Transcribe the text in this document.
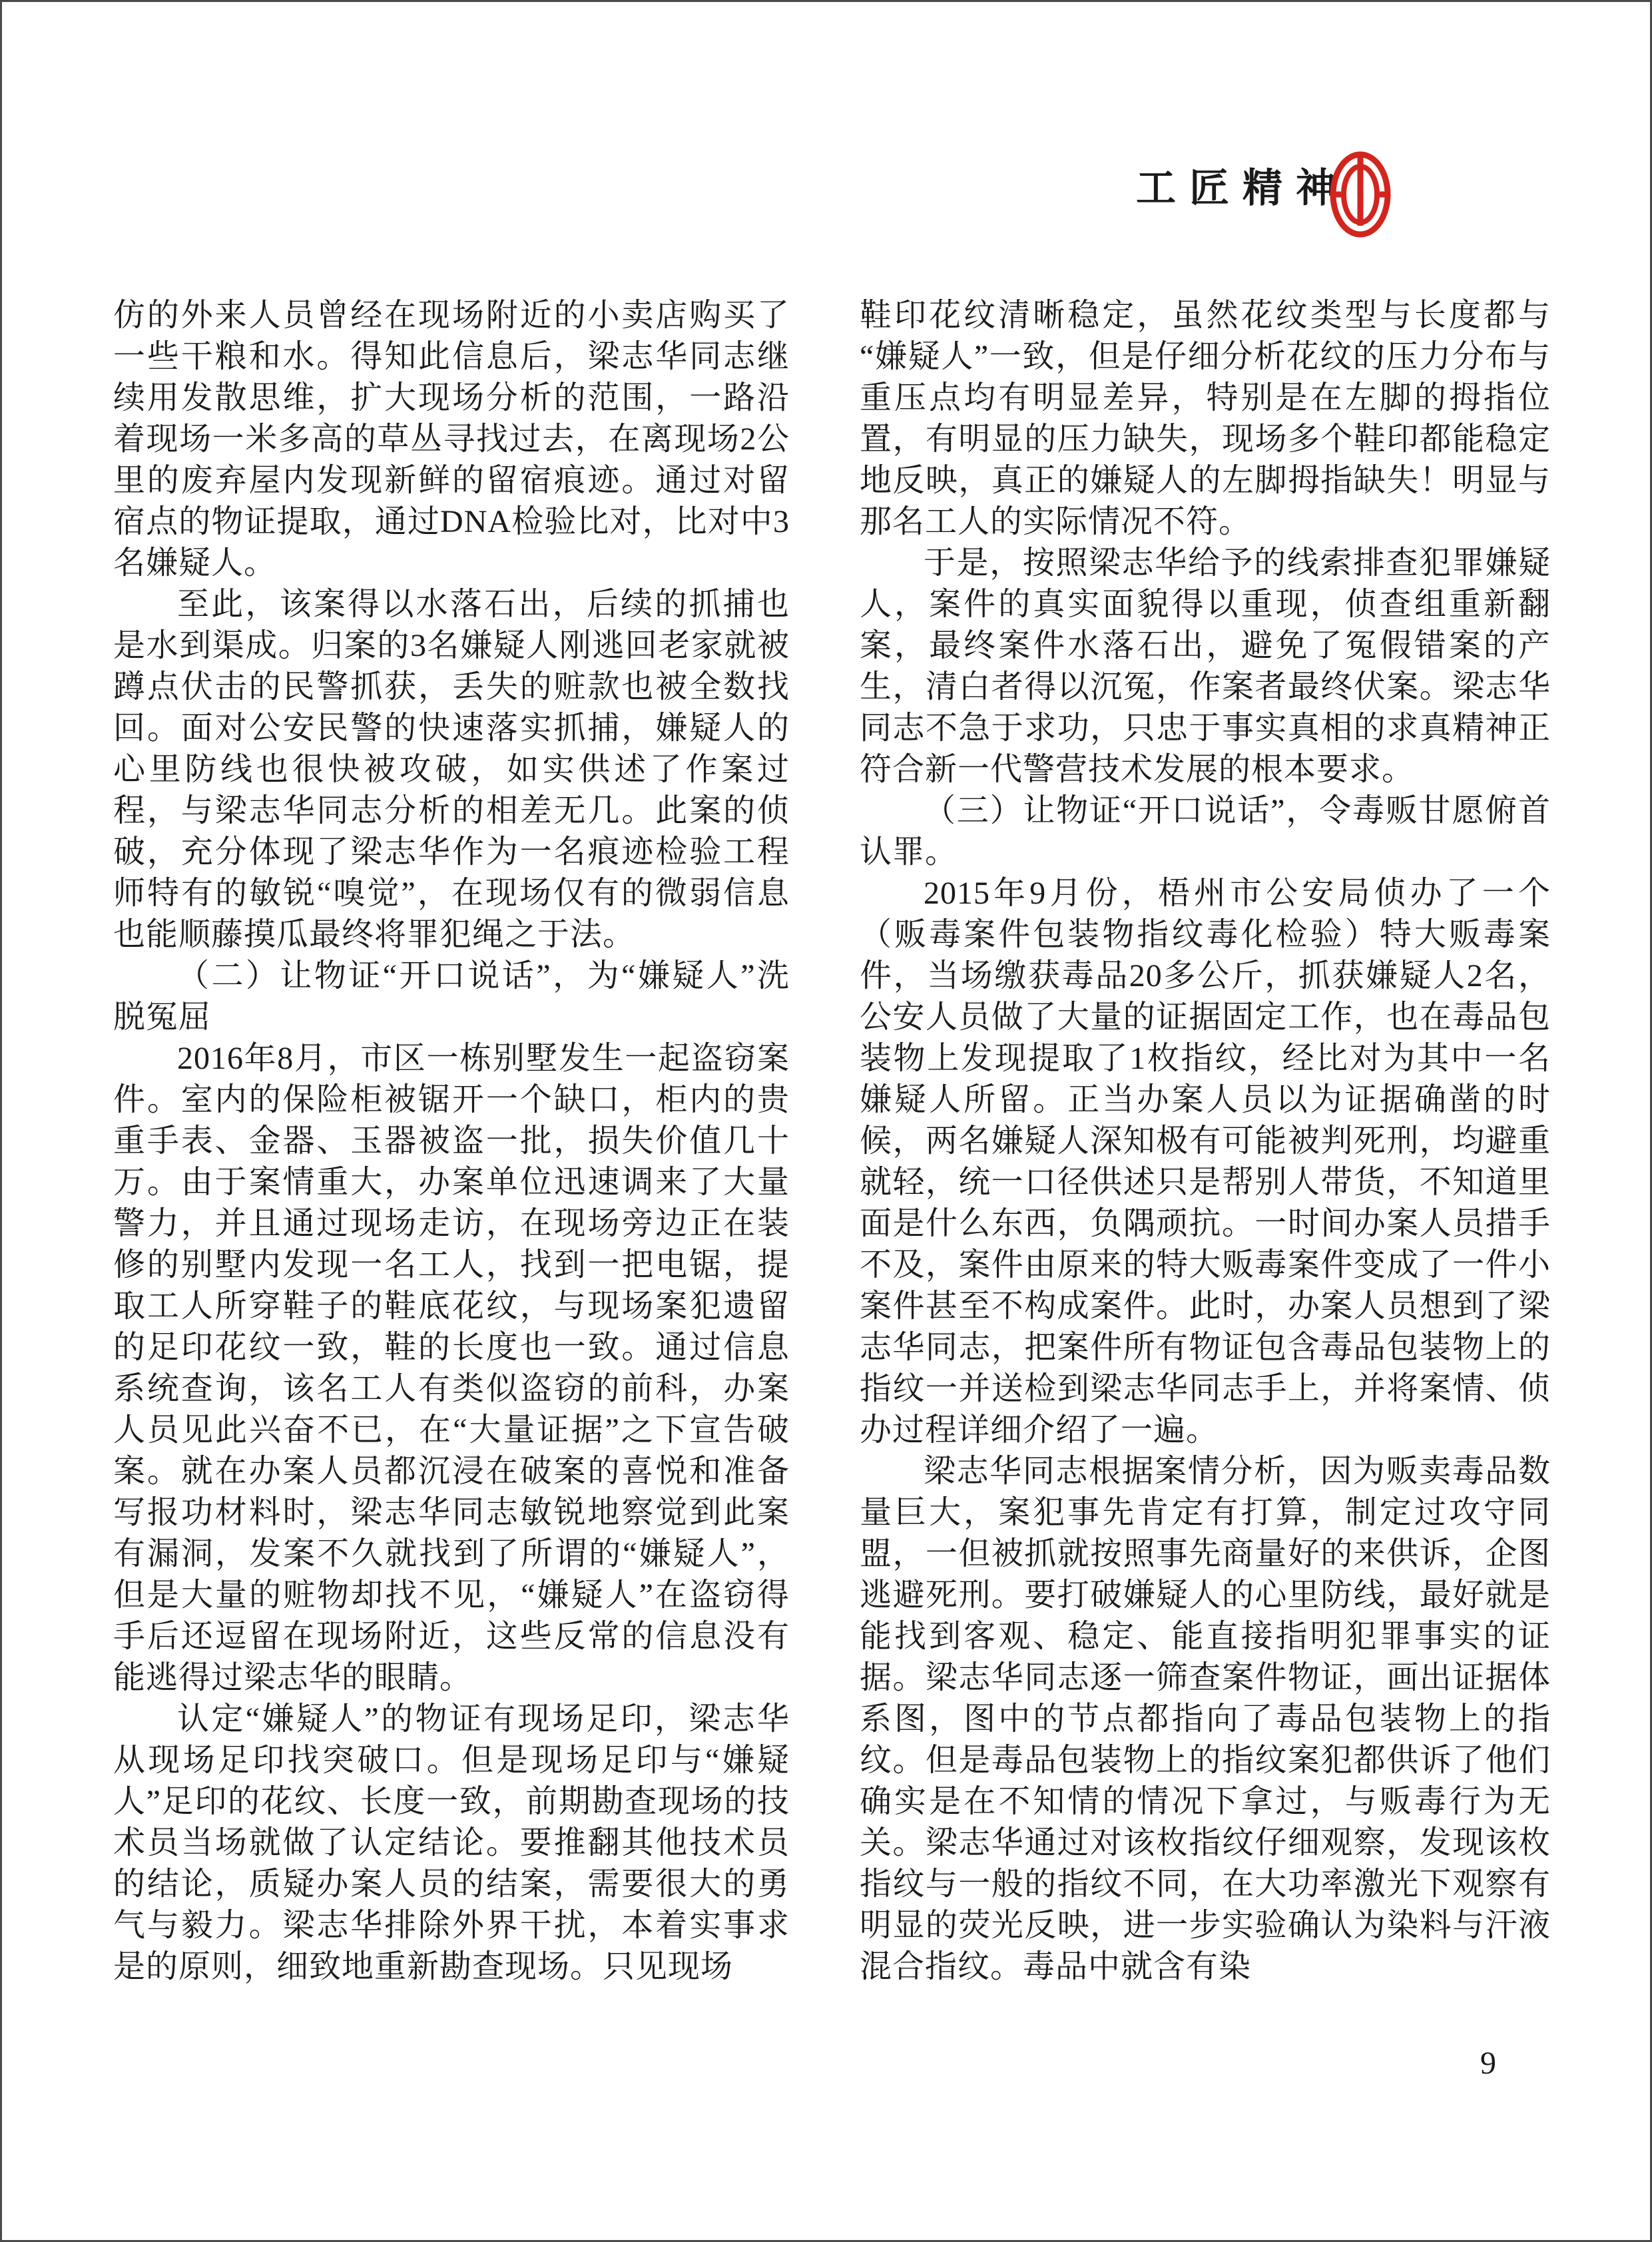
工匠精神

仿的外来人员曾经在现场附近的小卖店购买了一些干粮和水。得知此信息后，梁志华同志继续用发散思维，扩大现场分析的范围，一路沿着现场一米多高的草丛寻找过去，在离现场2公里的废弃屋内发现新鲜的留宿痕迹。通过对留宿点的物证提取，通过DNA检验比对，比对中3名嫌疑人。

至此，该案得以水落石出，后续的抓捕也是水到渠成。归案的3名嫌疑人刚逃回老家就被蹲点伏击的民警抓获，丢失的赃款也被全数找回。面对公安民警的快速落实抓捕，嫌疑人的心里防线也很快被攻破，如实供述了作案过程，与梁志华同志分析的相差无几。此案的侦破，充分体现了梁志华作为一名痕迹检验工程师特有的敏锐“嗅觉”，在现场仅有的微弱信息也能顺藤摸瓜最终将罪犯绳之于法。

（二）让物证“开口说话”，为“嫌疑人”洗脱冤屈

2016年8月，市区一栋别墅发生一起盗窃案件。室内的保险柜被锯开一个缺口，柜内的贵重手表、金器、玉器被盗一批，损失价值几十万。由于案情重大，办案单位迅速调来了大量警力，并且通过现场走访，在现场旁边正在装修的别墅内发现一名工人，找到一把电锯，提取工人所穿鞋子的鞋底花纹，与现场案犯遗留的足印花纹一致，鞋的长度也一致。通过信息系统查询，该名工人有类似盗窃的前科，办案人员见此兴奋不已，在“大量证据”之下宣告破案。就在办案人员都沉浸在破案的喜悦和准备写报功材料时，梁志华同志敏锐地察觉到此案有漏洞，发案不久就找到了所谓的“嫌疑人”，但是大量的赃物却找不见，“嫌疑人”在盗窃得手后还逗留在现场附近，这些反常的信息没有能逃得过梁志华的眼睛。

认定“嫌疑人”的物证有现场足印，梁志华从现场足印找突破口。但是现场足印与“嫌疑人”足印的花纹、长度一致，前期勘查现场的技术员当场就做了认定结论。要推翻其他技术员的结论，质疑办案人员的结案，需要很大的勇气与毅力。梁志华排除外界干扰，本着实事求是的原则，细致地重新勘查现场。只见现场

鞋印花纹清晰稳定，虽然花纹类型与长度都与“嫌疑人”一致，但是仔细分析花纹的压力分布与重压点均有明显差异，特别是在左脚的拇指位置，有明显的压力缺失，现场多个鞋印都能稳定地反映，真正的嫌疑人的左脚拇指缺失！明显与那名工人的实际情况不符。

于是，按照梁志华给予的线索排查犯罪嫌疑人，案件的真实面貌得以重现，侦查组重新翻案，最终案件水落石出，避免了冤假错案的产生，清白者得以沉冤，作案者最终伏案。梁志华同志不急于求功，只忠于事实真相的求真精神正符合新一代警营技术发展的根本要求。

（三）让物证“开口说话”，令毒贩甘愿俯首认罪。

2015年9月份，梧州市公安局侦办了一个（贩毒案件包装物指纹毒化检验）特大贩毒案件，当场缴获毒品20多公斤，抓获嫌疑人2名，公安人员做了大量的证据固定工作，也在毒品包装物上发现提取了1枚指纹，经比对为其中一名嫌疑人所留。正当办案人员以为证据确凿的时候，两名嫌疑人深知极有可能被判死刑，均避重就轻，统一口径供述只是帮别人带货，不知道里面是什么东西，负隅顽抗。一时间办案人员措手不及，案件由原来的特大贩毒案件变成了一件小案件甚至不构成案件。此时，办案人员想到了梁志华同志，把案件所有物证包含毒品包装物上的指纹一并送检到梁志华同志手上，并将案情、侦办过程详细介绍了一遍。

梁志华同志根据案情分析，因为贩卖毒品数量巨大，案犯事先肯定有打算，制定过攻守同盟，一但被抓就按照事先商量好的来供诉，企图逃避死刑。要打破嫌疑人的心里防线，最好就是能找到客观、稳定、能直接指明犯罪事实的证据。梁志华同志逐一筛查案件物证，画出证据体系图，图中的节点都指向了毒品包装物上的指纹。但是毒品包装物上的指纹案犯都供诉了他们确实是在不知情的情况下拿过，与贩毒行为无关。梁志华通过对该枚指纹仔细观察，发现该枚指纹与一般的指纹不同，在大功率激光下观察有明显的荧光反映，进一步实验确认为染料与汗液混合指纹。毒品中就含有染

9
